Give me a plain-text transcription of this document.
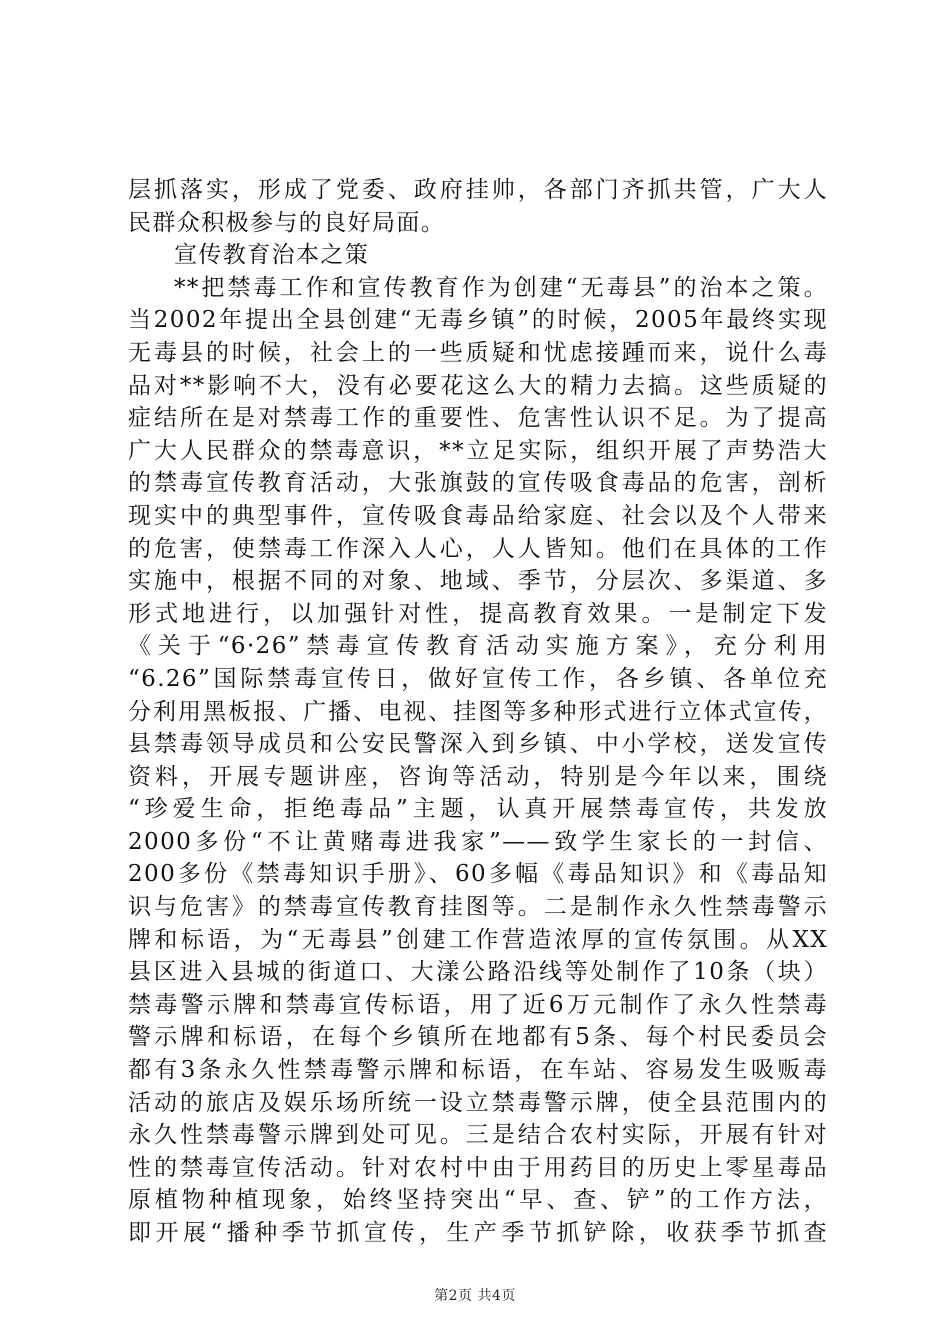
层抓落实，形成了党委、政府挂帅，各部门齐抓共管，广大人
民群众积极参与的良好局面。
宣传教育治本之策
**把禁毒工作和宣传教育作为创建“无毒县”的治本之策。
当2002年提出全县创建“无毒乡镇”的时候，2005年最终实现
无毒县的时候，社会上的一些质疑和忧虑接踵而来，说什么毒
品对**影响不大，没有必要花这么大的精力去搞。这些质疑的
症结所在是对禁毒工作的重要性、危害性认识不足。为了提高
广大人民群众的禁毒意识，**立足实际，组织开展了声势浩大
的禁毒宣传教育活动，大张旗鼓的宣传吸食毒品的危害，剖析
现实中的典型事件，宣传吸食毒品给家庭、社会以及个人带来
的危害，使禁毒工作深入人心，人人皆知。他们在具体的工作
实施中，根据不同的对象、地域、季节，分层次、多渠道、多
形式地进行，以加强针对性，提高教育效果。一是制定下发
《关于“6·26”禁毒宣传教育活动实施方案》，充分利用
“6.26”国际禁毒宣传日，做好宣传工作，各乡镇、各单位充
分利用黑板报、广播、电视、挂图等多种形式进行立体式宣传，
县禁毒领导成员和公安民警深入到乡镇、中小学校，送发宣传
资料，开展专题讲座，咨询等活动，特别是今年以来，围绕
“珍爱生命，拒绝毒品”主题，认真开展禁毒宣传，共发放
2000多份“不让黄赌毒进我家”——致学生家长的一封信、
200多份《禁毒知识手册》、60多幅《毒品知识》和《毒品知
识与危害》的禁毒宣传教育挂图等。二是制作永久性禁毒警示
牌和标语，为“无毒县”创建工作营造浓厚的宣传氛围。从XX
县区进入县城的街道口、大漾公路沿线等处制作了10条（块）
禁毒警示牌和禁毒宣传标语，用了近6万元制作了永久性禁毒
警示牌和标语，在每个乡镇所在地都有5条、每个村民委员会
都有3条永久性禁毒警示牌和标语，在车站、容易发生吸贩毒
活动的旅店及娱乐场所统一设立禁毒警示牌，使全县范围内的
永久性禁毒警示牌到处可见。三是结合农村实际，开展有针对
性的禁毒宣传活动。针对农村中由于用药目的历史上零星毒品
原植物种植现象，始终坚持突出“早、查、铲”的工作方法，
即开展“播种季节抓宣传，生产季节抓铲除，收获季节抓查
第2页 共4页
